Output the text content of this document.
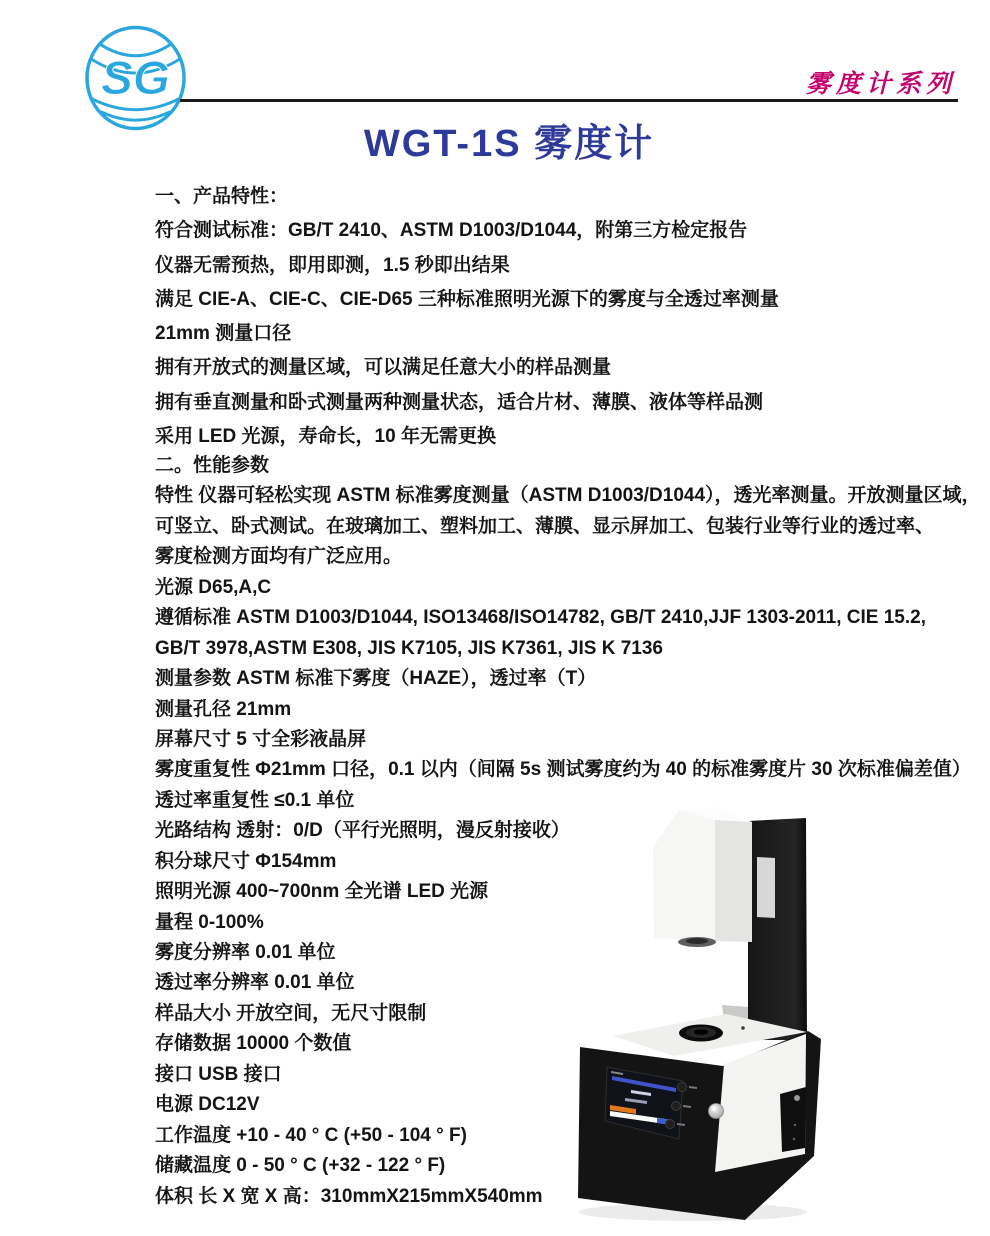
SG	雾度计系列
WGT-1S 雾度计
一、产品特性：
符合测试标准：GB/T 2410、ASTM D1003/D1044，附第三方检定报告
仪器无需预热，即用即测，1.5 秒即出结果
满足 CIE-A、CIE-C、CIE-D65 三种标准照明光源下的雾度与全透过率测量
21mm 测量口径
拥有开放式的测量区域，可以满足任意大小的样品测量
拥有垂直测量和卧式测量两种测量状态，适合片材、薄膜、液体等样品测
采用 LED 光源，寿命长，10 年无需更换
二。性能参数
特性 仪器可轻松实现 ASTM 标准雾度测量（ASTM D1003/D1044），透光率测量。开放测量区域，
可竖立、卧式测试。在玻璃加工、塑料加工、薄膜、显示屏加工、包装行业等行业的透过率、
雾度检测方面均有广泛应用。
光源 D65,A,C
遵循标准 ASTM D1003/D1044, ISO13468/ISO14782, GB/T 2410,JJF 1303-2011, CIE 15.2,
GB/T 3978,ASTM E308, JIS K7105, JIS K7361, JIS K 7136
测量参数 ASTM 标准下雾度（HAZE），透过率（T）
测量孔径 21mm
屏幕尺寸 5 寸全彩液晶屏
雾度重复性 Φ21mm 口径，0.1 以内（间隔 5s 测试雾度约为 40 的标准雾度片 30 次标准偏差值）
透过率重复性 ≤0.1 单位
光路结构 透射：0/D（平行光照明，漫反射接收）
积分球尺寸 Φ154mm
照明光源 400~700nm 全光谱 LED 光源
量程 0-100%
雾度分辨率 0.01 单位
透过率分辨率 0.01 单位
样品大小 开放空间，无尺寸限制
存储数据 10000 个数值
接口 USB 接口
电源 DC12V
工作温度 +10 - 40 ° C (+50 - 104 ° F)
储藏温度 0 - 50 ° C (+32 - 122 ° F)
体积 长 X 宽 X 高：310mmX215mmX540mm
